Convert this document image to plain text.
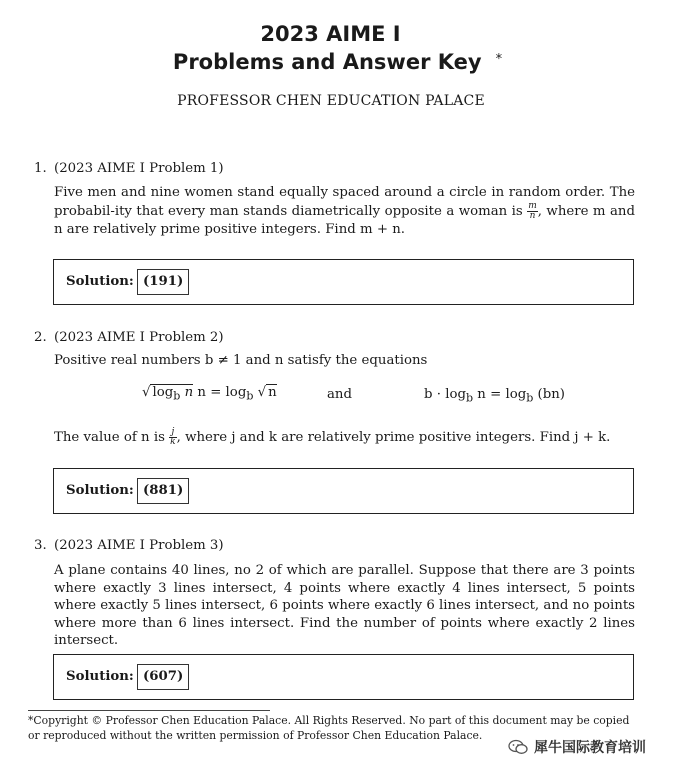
2023 AIME I
Problems and Answer Key *
PROFESSOR CHEN EDUCATION PALACE
1. (2023 AIME I Problem 1)
Five men and nine women stand equally spaced around a circle in random order. The probabil-ity that every man stands diametrically opposite a woman is $\frac{m}{n}$ , where m and n are relatively prime positive integers. Find m + n.
Solution: (191)
2. (2023 AIME I Problem 2)
Positive real numbers b ≠ 1 and n satisfy the equations
√ $\log_b n$ $n = \log_b$ √ n	and	$b \cdot \log_b n = \log_b (bn)$
The value of n is $\frac{j}{k}$ , where j and k are relatively prime positive integers. Find j + k.
Solution: (881)
3. (2023 AIME I Problem 3)
A plane contains 40 lines, no 2 of which are parallel. Suppose that there are 3 points where exactly 3 lines intersect, 4 points where exactly 4 lines intersect, 5 points where exactly 5 lines intersect, 6 points where exactly 6 lines intersect, and no points where more than 6 lines intersect. Find the number of points where exactly 2 lines intersect.
Solution: (607)
*Copyright © Professor Chen Education Palace. All Rights Reserved. No part of this document may be copied or reproduced without the written permission of Professor Chen Education Palace.
犀牛国际教育培训
